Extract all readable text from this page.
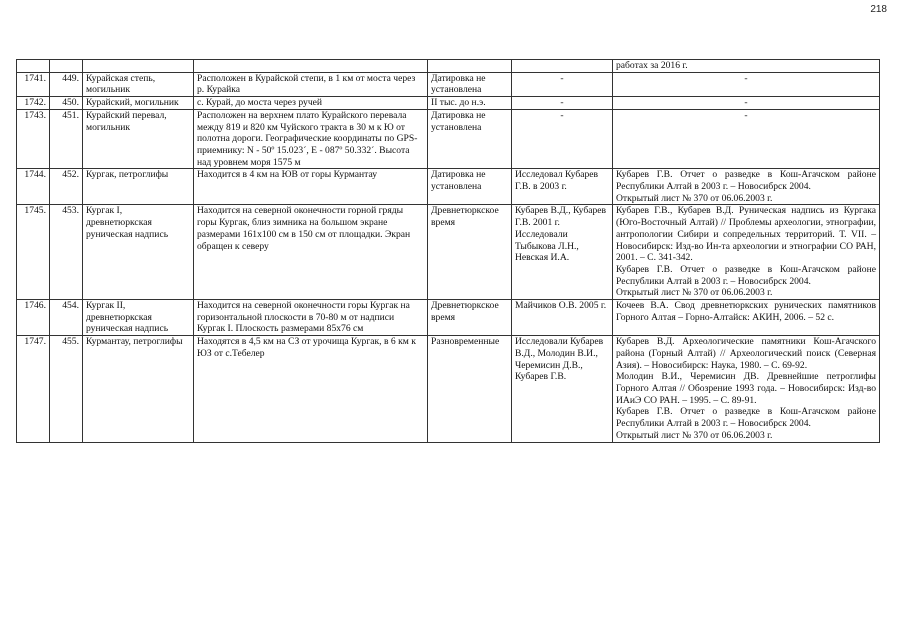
218
						работах за 2016 г.
1741.	449.	Курайская степь, могильник	Расположен в Курайской степи, в 1 км от моста через р. Курайка	Датировка не установлена	-	-

1742.	450.	Курайский, могильник	с. Курай, до моста через ручей	II тыс. до н.э.	-	-

1743.	451.	Курайский перевал, могильник	Расположен на верхнем плато Курайского перевала между 819 и 820 км Чуйского тракта в 30 м к Ю от полотна дороги. Географические координаты по GPS-приемнику: N - 50º 15.023´, E - 087º 50.332´. Высота над уровнем моря 1575 м	Датировка не установлена	-	-

1744.	452.	Кургак, петроглифы	Находится в 4 км на ЮВ от горы Курмантау	Датировка не установлена	Исследовал Кубарев Г.В. в 2003 г.	Кубарев Г.В. Отчет о разведке в Кош-Агачском районе Республики Алтай в 2003 г. – Новосибрск 2004.

Открытый лист № 370 от 06.06.2003 г.

1745.	453.	Кургак I, древнетюркская руническая надпись	Находится на северной оконечности горной гряды горы Кургак, близ зимника на большом экране размерами 161х100 см в 150 см от площадки. Экран обращен к северу	Древнетюркское время	Кубарев В.Д., Кубарев Г.В. 2001 г. Исследовали Тыбыкова Л.Н., Невская И.А.	Кубарев Г.В., Кубарев В.Д. Руническая надпись из Кургака (Юго-Восточный Алтай) // Проблемы археологии, этнографии, антропологии Сибири и сопредельных территорий. Т. VII. – Новосибирск: Изд-во Ин-та археологии и этнографии СО РАН, 2001. – С. 341-342.

Кубарев Г.В. Отчет о разведке в Кош-Агачском районе Республики Алтай в 2003 г. – Новосибрск 2004.

Открытый лист № 370 от 06.06.2003 г.

1746.	454.	Кургак II, древнетюркская руническая надпись	Находится на северной оконечности горы Кургак на горизонтальной плоскости в 70-80 м от надписи Кургак I. Плоскость размерами 85х76 см	Древнетюркское время	Майчиков О.В. 2005 г.	Кочеев В.А. Свод древнетюркских рунических памятников Горного Алтая – Горно-Алтайск: АКИН, 2006. – 52 с.

1747.	455.	Курмантау, петроглифы	Находятся в 4,5 км на СЗ от урочища Кургак, в 6 км к ЮЗ от с.Тебелер	Разновременные	Исследовали Кубарев В.Д., Молодин В.И., Черемисин Д.В., Кубарев Г.В.	Кубарев В.Д. Археологические памятники Кош-Агачского района (Горный Алтай) // Археологический поиск (Северная Азия). – Новосибирск: Наука, 1980. – С. 69-92.

Молодин В.И., Черемисин ДВ. Древнейшие петроглифы Горного Алтая // Обозрение 1993 года. – Новосибирск: Изд-во ИАиЭ СО РАН. – 1995. – С. 89-91.

Кубарев Г.В. Отчет о разведке в Кош-Агачском районе Республики Алтай в 2003 г. – Новосибрск 2004.

Открытый лист № 370 от 06.06.2003 г.
